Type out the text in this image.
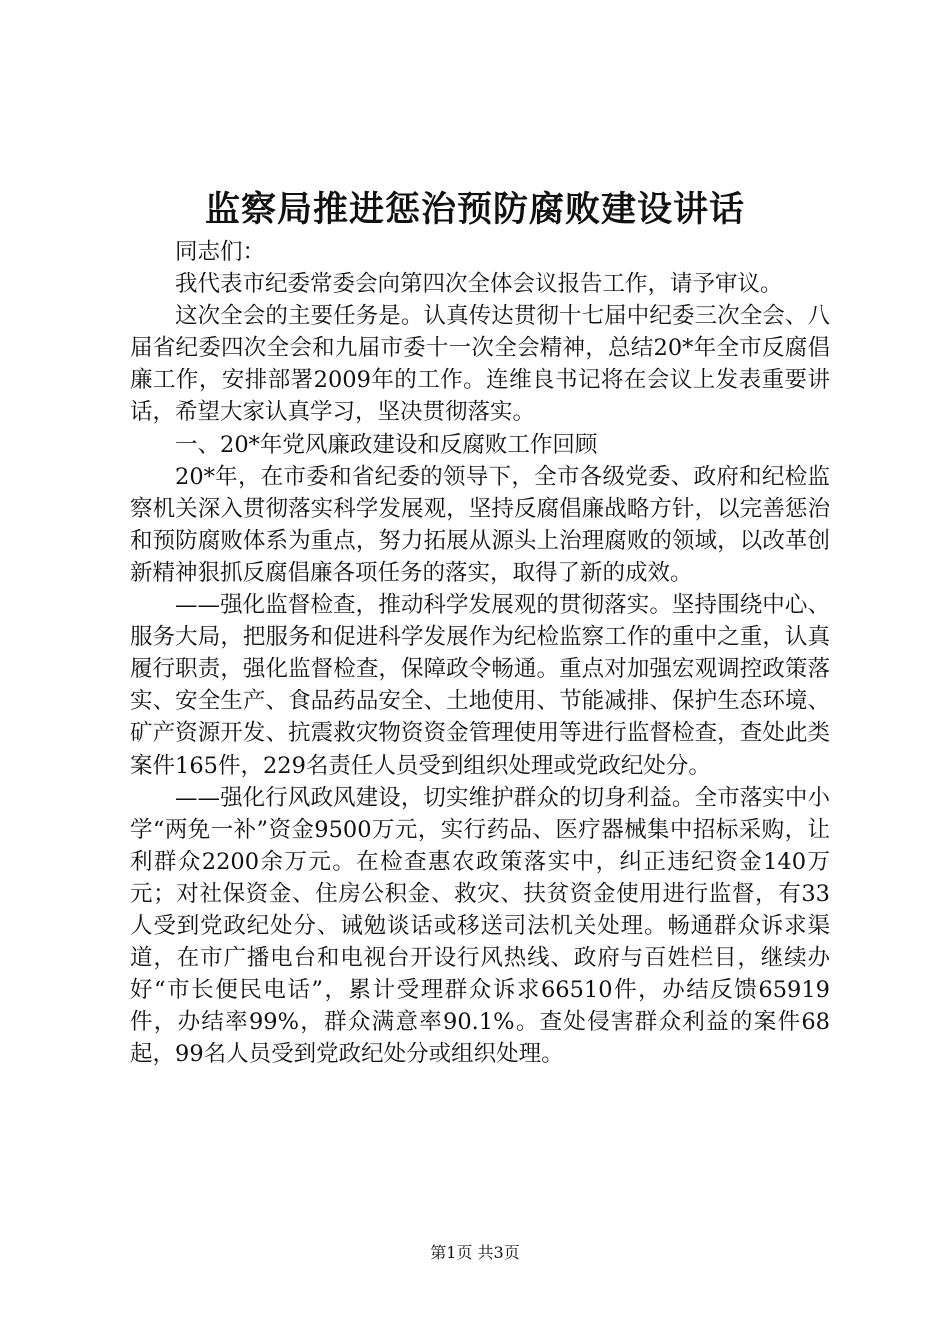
监察局推进惩治预防腐败建设讲话

同志们：

我代表市纪委常委会向第四次全体会议报告工作，请予审议。

这次全会的主要任务是。认真传达贯彻十七届中纪委三次全会、八届省纪委四次全会和九届市委十一次全会精神，总结20*年全市反腐倡廉工作，安排部署2009年的工作。连维良书记将在会议上发表重要讲话，希望大家认真学习，坚决贯彻落实。

一、20*年党风廉政建设和反腐败工作回顾

20*年，在市委和省纪委的领导下，全市各级党委、政府和纪检监察机关深入贯彻落实科学发展观，坚持反腐倡廉战略方针，以完善惩治和预防腐败体系为重点，努力拓展从源头上治理腐败的领域，以改革创新精神狠抓反腐倡廉各项任务的落实，取得了新的成效。

——强化监督检查，推动科学发展观的贯彻落实。坚持围绕中心、服务大局，把服务和促进科学发展作为纪检监察工作的重中之重，认真履行职责，强化监督检查，保障政令畅通。重点对加强宏观调控政策落实、安全生产、食品药品安全、土地使用、节能减排、保护生态环境、矿产资源开发、抗震救灾物资资金管理使用等进行监督检查，查处此类案件165件，229名责任人员受到组织处理或党政纪处分。

——强化行风政风建设，切实维护群众的切身利益。全市落实中小学“两免一补”资金9500万元，实行药品、医疗器械集中招标采购，让利群众2200余万元。在检查惠农政策落实中，纠正违纪资金140万元；对社保资金、住房公积金、救灾、扶贫资金使用进行监督，有33人受到党政纪处分、诫勉谈话或移送司法机关处理。畅通群众诉求渠道，在市广播电台和电视台开设行风热线、政府与百姓栏目，继续办好“市长便民电话”，累计受理群众诉求66510件，办结反馈65919件，办结率99%，群众满意率90.1%。查处侵害群众利益的案件68起，99名人员受到党政纪处分或组织处理。

第1页 共3页
